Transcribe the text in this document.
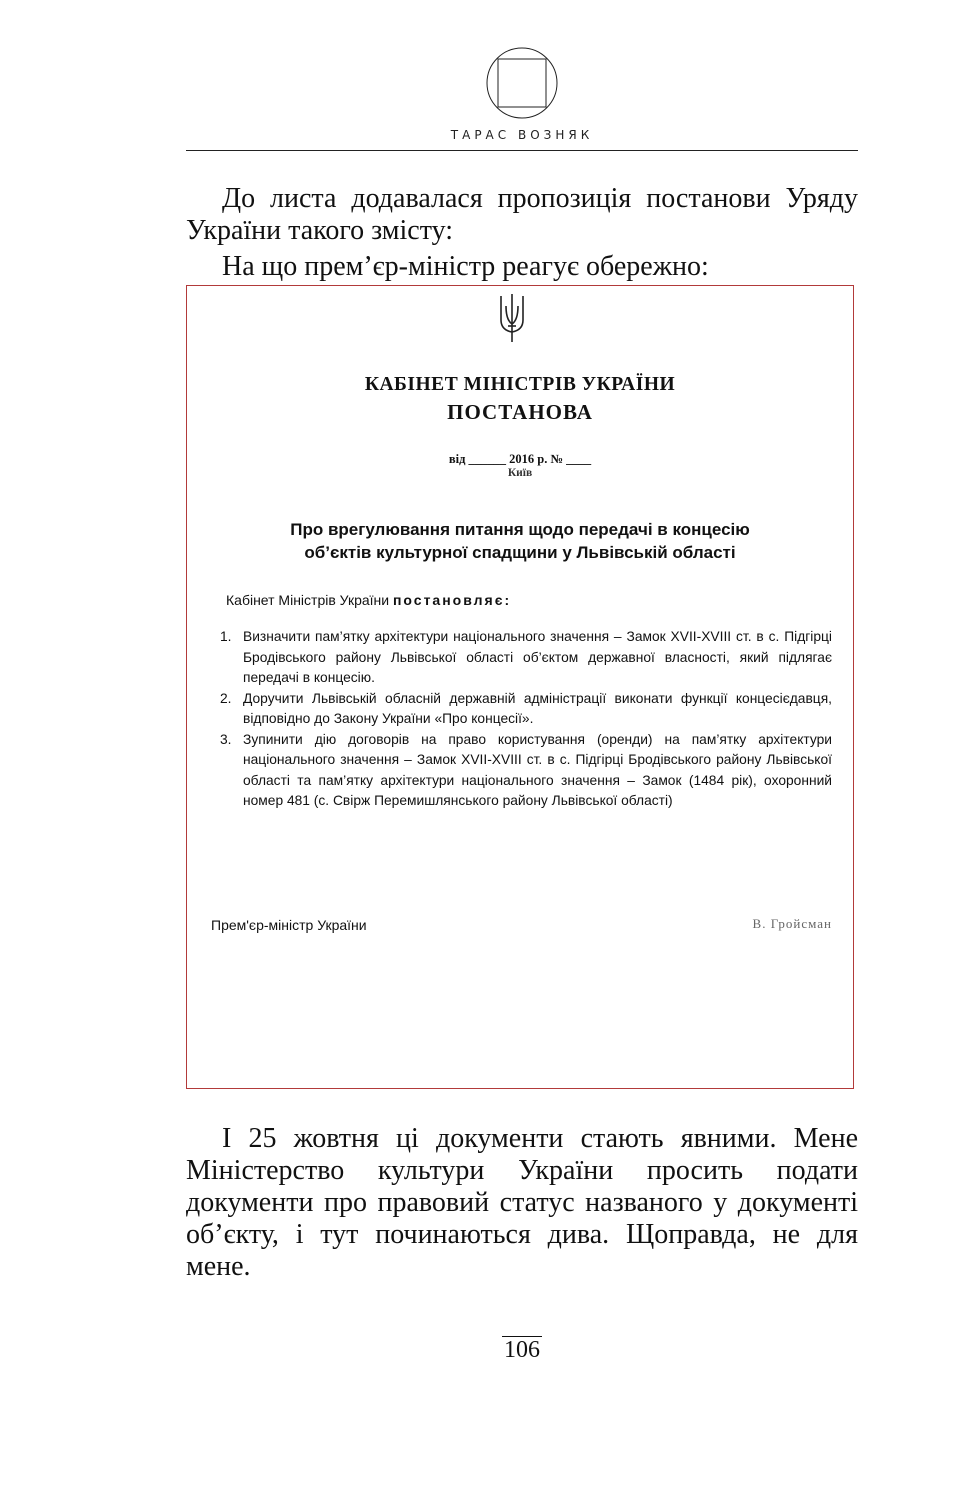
ТАРАС ВОЗНЯК
До листа додавалася пропозиція постанови Уряду України такого змісту:
На що прем’єр-міністр реагує обережно:
КАБІНЕТ МІНІСТРІВ УКРАЇНИ
ПОСТАНОВА
від ______ 2016 р. № ____
Київ
Про врегулювання питання щодо передачі в концесію
об’єктів культурної спадщини у Львівській області
Кабінет Міністрів України постановляє:
1. Визначити пам’ятку архітектури національного значення – Замок XVII-XVIII ст. в с. Підгірці Бродівського району Львівської області об’єктом державної власності, який підлягає передачі в концесію.
2. Доручити Львівській обласній державній адміністрації виконати функції концесієдавця, відповідно до Закону України «Про концесії».
3. Зупинити дію договорів на право користування (оренди) на пам’ятку архітектури національного значення – Замок XVII-XVIII ст. в с. Підгірці Бродівського району Львівської області та пам’ятку архітектури національного значення – Замок (1484 рік), охоронний номер 481 (с. Свірж Перемишлянського району Львівської області)
Прем'єр-міністр України	В. Гройсман
І 25 жовтня ці документи стають явними. Мене Міністерство культури України просить подати документи про правовий статус названого у документі об’єкту, і тут починаються дива. Щоправда, не для мене.
106
